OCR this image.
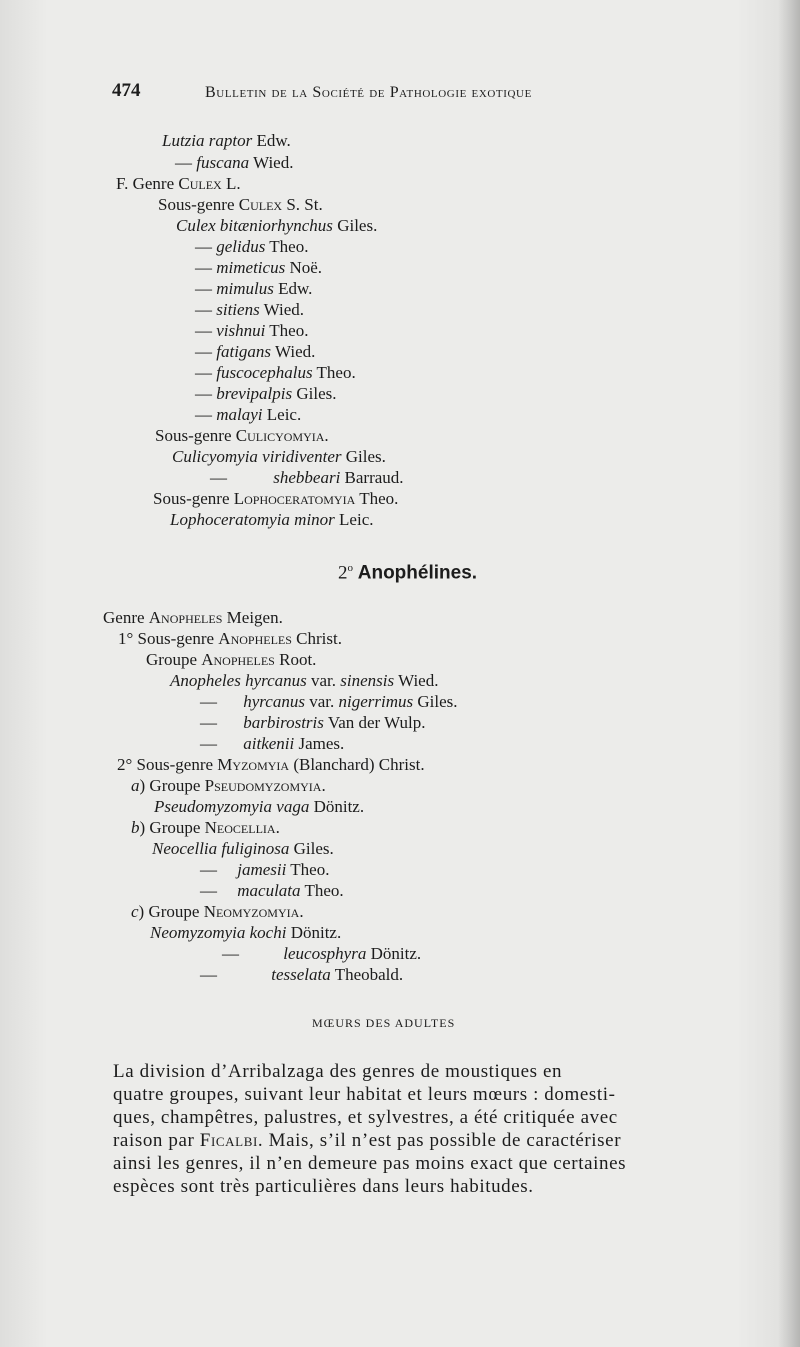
474	Bulletin de la Société de Pathologie exotique
Lutzia raptor Edw.
— fuscana Wied.
F. Genre Culex L.
Sous-genre Culex S. St.
Culex bitæniorhynchus Giles.
— gelidus Theo.
— mimeticus Noë.
— mimulus Edw.
— sitiens Wied.
— vishnui Theo.
— fatigans Wied.
— fuscocephalus Theo.
— brevipalpis Giles.
— malayi Leic.
Sous-genre Culicyomyia.
Culicyomyia viridiventer Giles.
— shebbeari Barraud.
Sous-genre Lophoceratomyia Theo.
Lophoceratomyia minor Leic.
2$^o$ Anophélines.
Genre Anopheles Meigen.
1° Sous-genre Anopheles Christ.
Groupe Anopheles Root.
Anopheles hyrcanus var. sinensis Wied.
— hyrcanus var. nigerrimus Giles.
— barbirostris Van der Wulp.
— aitkenii James.
2° Sous-genre Myzomyia (Blanchard) Christ.
a) Groupe Pseudomyzomyia.
Pseudomyzomyia vaga Dönitz.
b) Groupe Neocellia.
Neocellia fuliginosa Giles.
— jamesii Theo.
— maculata Theo.
c) Groupe Neomyzomyia.
Neomyzomyia kochi Dönitz.
— leucosphyra Dönitz.
—	tesselata Theobald.
MŒURS DES ADULTES

La division d’Arribalzaga des genres de moustiques en

quatre groupes, suivant leur habitat et leurs mœurs : domesti-

ques, champêtres, palustres, et sylvestres, a été critiquée avec

raison par Ficalbi. Mais, s’il n’est pas possible de caractériser

ainsi les genres, il n’en demeure pas moins exact que certaines

espèces sont très particulières dans leurs habitudes.
